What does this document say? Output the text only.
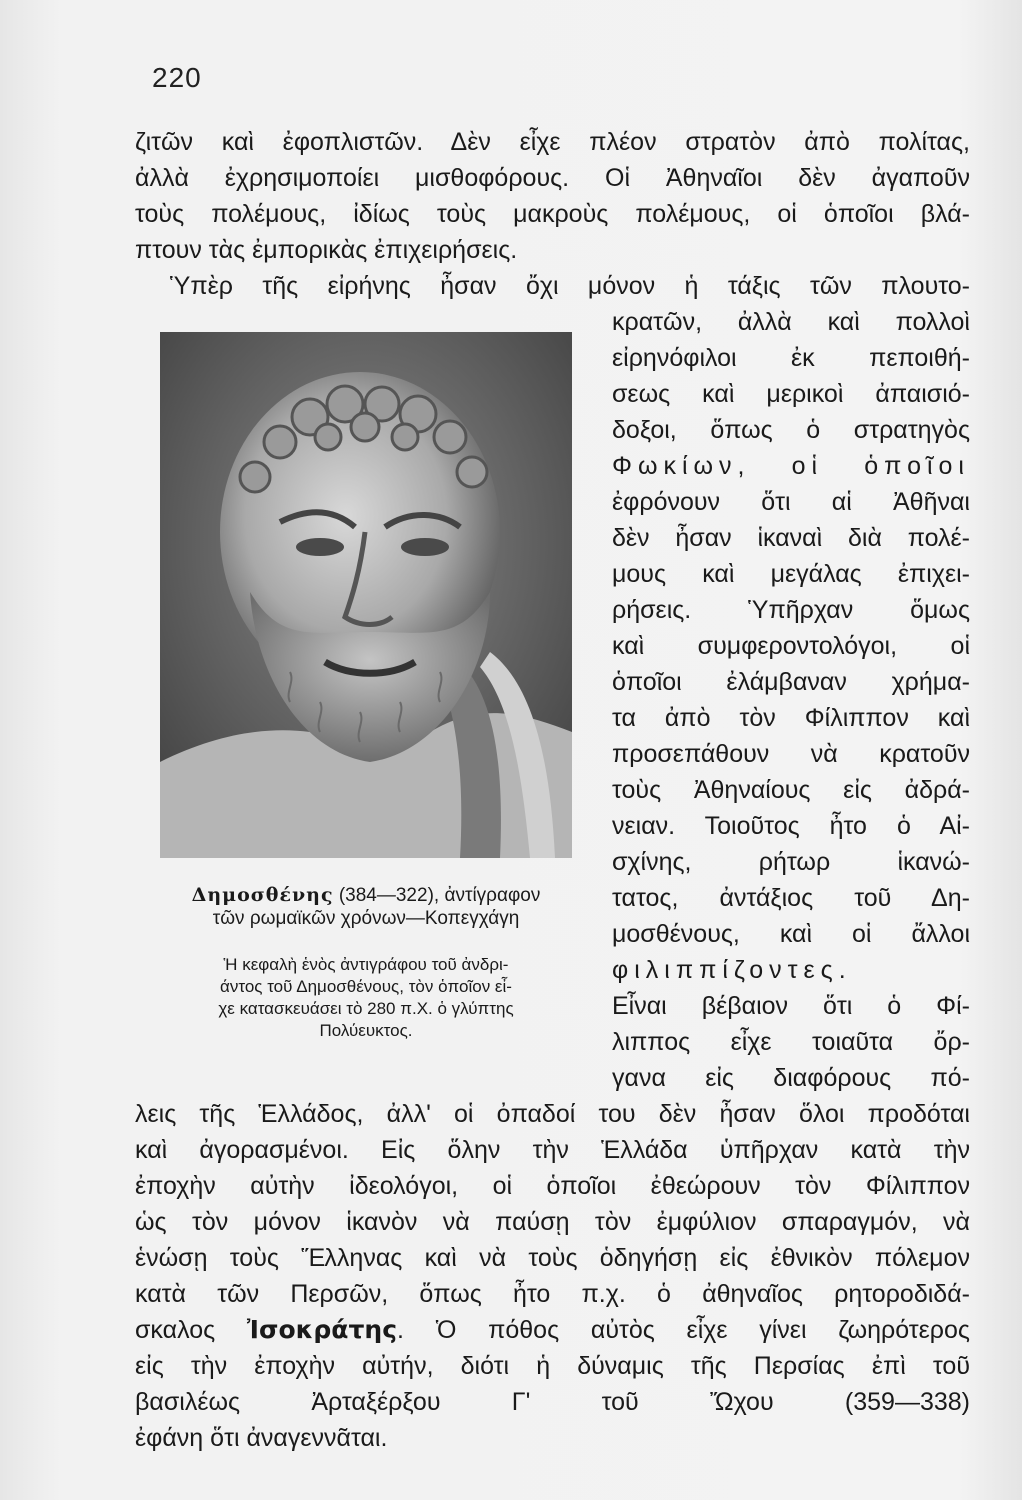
220
ζιτῶν καὶ ἐφοπλιστῶν. Δὲν εἶχε πλέον στρατὸν ἀπὸ πολίτας,
ἀλλὰ ἐχρησιμοποίει μισθοφόρους. Οἱ Ἀθηναῖοι δὲν ἀγαποῦν
τοὺς πολέμους, ἰδίως τοὺς μακροὺς πολέμους, οἱ ὁποῖοι βλά-
πτουν τὰς ἐμπορικὰς ἐπιχειρήσεις.
Ὑπὲρ τῆς εἰρήνης ἦσαν ὄχι μόνον ἡ τάξις τῶν πλουτο-
κρατῶν, ἀλλὰ καὶ πολλοὶ
εἰρηνόφιλοι ἐκ πεποιθή-
σεως καὶ μερικοὶ ἀπαισιό-
δοξοι, ὅπως ὁ στρατηγὸς
Φωκίων, οἱ ὁποῖοι
ἐφρόνουν ὅτι αἱ Ἀθῆναι
δὲν ἦσαν ἱκαναὶ διὰ πολέ-
μους καὶ μεγάλας ἐπιχει-
ρήσεις. Ὑπῆρχαν ὅμως
καὶ συμφεροντολόγοι, οἱ
ὁποῖοι ἐλάμβαναν χρήμα-
τα ἀπὸ τὸν Φίλιππον καὶ
προσεπάθουν νὰ κρατοῦν
τοὺς Ἀθηναίους εἰς ἀδρά-
νειαν. Τοιοῦτος ἦτο ὁ Αἰ-
σχίνης, ρήτωρ ἱκανώ-
τατος, ἀντάξιος τοῦ Δη-
μοσθένους, καὶ οἱ ἄλλοι
φιλιππίζοντες.
Εἶναι βέβαιον ὅτι ὁ Φί-
λιππος εἶχε τοιαῦτα ὄρ-
γανα εἰς διαφόρους πό-
Δημοσθένης (384—322), ἀντίγραφον
τῶν ρωμαϊκῶν χρόνων—Κοπεγχάγη
Ἡ κεφαλὴ ἑνὸς ἀντιγράφου τοῦ ἀνδρι-
άντος τοῦ Δημοσθένους, τὸν ὁποῖον εἶ-
χε κατασκευάσει τὸ 280 π.Χ. ὁ γλύπτης
Πολύευκτος.
λεις τῆς Ἑλλάδος, ἀλλ' οἱ ὀπαδοί του δὲν ἦσαν ὅλοι προδόται
καὶ ἀγορασμένοι. Εἰς ὅλην τὴν Ἑλλάδα ὑπῆρχαν κατὰ τὴν
ἐποχὴν αὐτὴν ἰδεολόγοι, οἱ ὁποῖοι ἐθεώρουν τὸν Φίλιππον
ὡς τὸν μόνον ἱκανὸν νὰ παύσῃ τὸν ἐμφύλιον σπαραγμόν, νὰ
ἑνώσῃ τοὺς Ἕλληνας καὶ νὰ τοὺς ὁδηγήσῃ εἰς ἐθνικὸν πόλεμον
κατὰ τῶν Περσῶν, ὅπως ἦτο π.χ. ὁ ἀθηναῖος ρητοροδιδά-
σκαλος Ἰσοκράτης. Ὁ πόθος αὐτὸς εἶχε γίνει ζωηρότερος
εἰς τὴν ἐποχὴν αὐτήν, διότι ἡ δύναμις τῆς Περσίας ἐπὶ τοῦ
βασιλέως Ἀρταξέρξου Γ' τοῦ Ὤχου (359—338)
ἐφάνη ὅτι ἀναγεννᾶται.
